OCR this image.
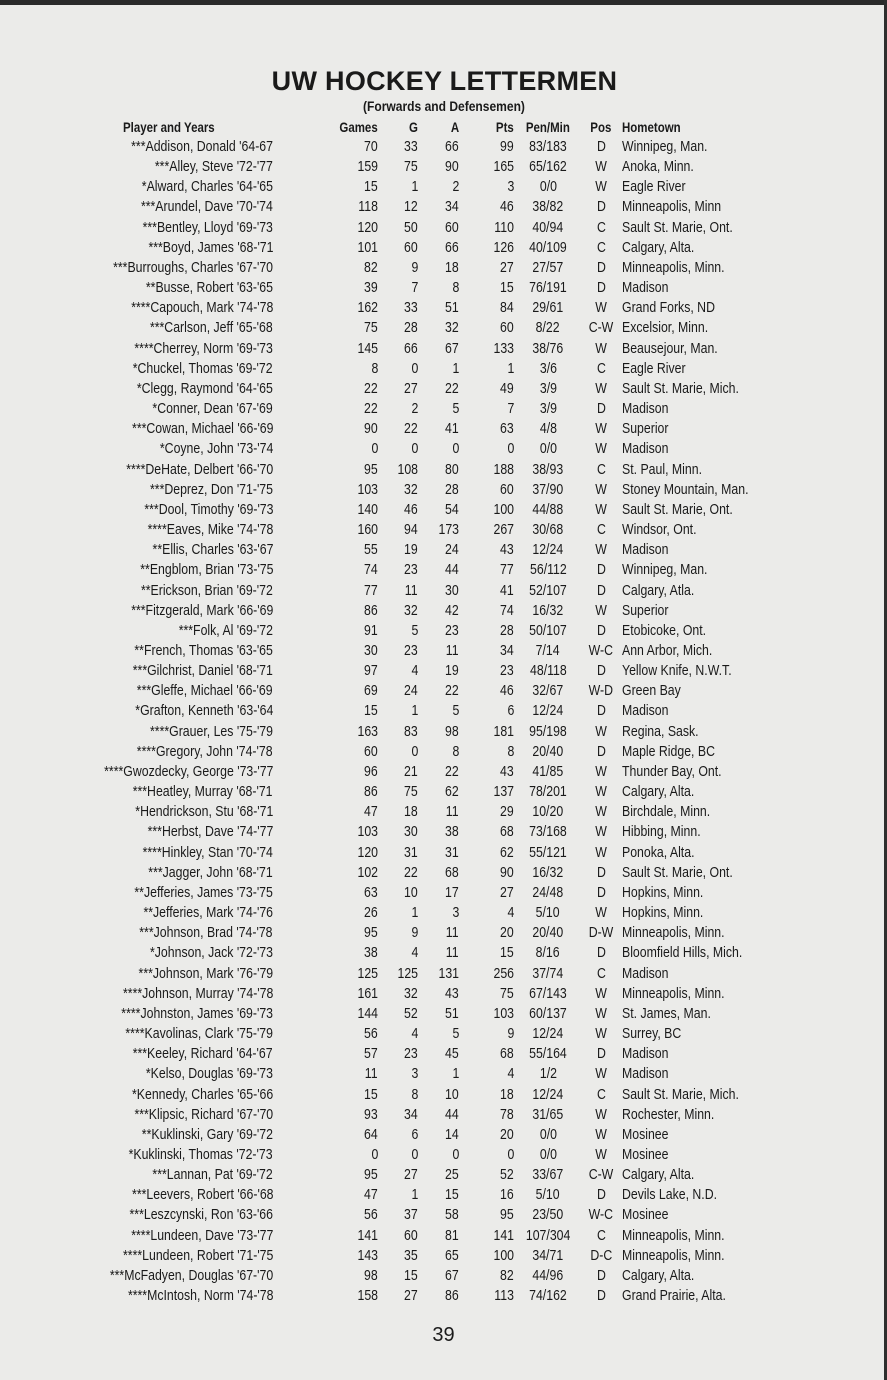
UW HOCKEY LETTERMEN
(Forwards and Defensemen)
Player and Years	Games G A	Pts Pen/Min	Pos Hometown
***Addison, Donald '64-67	70 33 66	99	83/183	D	Winnipeg, Man.
***Alley, Steve '72-'77	159 75 90	165	65/162	W	Anoka, Minn.
*Alward, Charles '64-'65	15 1 2	3	0/0	W	Eagle River
***Arundel, Dave '70-'74	118 12 34	46	38/82	D	Minneapolis, Minn
***Bentley, Lloyd '69-'73	120 50 60 110	40/94	C	Sault St. Marie, Ont.
***Boyd, James '68-'71	101 60 66	126	40/109	C	Calgary, Alta.
***Burroughs, Charles '67-'70	82 9 18	27	27/57	D	Minneapolis, Minn.
**Busse, Robert '63-'65	39 7 8	15	76/191	D	Madison
****Capouch, Mark '74-'78	162 33 51	84	29/61	W	Grand Forks, ND
***Carlson, Jeff '65-'68	75 28 32	60	8/22	C-W Excelsior, Minn.
****Cherrey, Norm '69-'73	145 66 67	133	38/76	W	Beausejour, Man.
*Chuckel, Thomas '69-'72	8 0 1	1	3/6	C	Eagle River
*Clegg, Raymond '64-'65	22 27 22	49	3/9	W	Sault St. Marie, Mich.
*Conner, Dean '67-'69	22 2 5	7	3/9	D	Madison
***Cowan, Michael '66-'69	90 22 41	63	4/8	W	Superior
*Coyne, John '73-'74	0 0 0	0	0/0	W	Madison
****DeHate, Delbert '66-'70	95	108 80	188	38/93	C	St. Paul, Minn.
***Deprez, Don '71-'75	103 32 28	60	37/90	W	Stoney Mountain, Man.
***Dool, Timothy '69-'73	140 46 54	100	44/88	W	Sault St. Marie, Ont.
****Eaves, Mike '74-'78	160 94	173	267	30/68	C	Windsor, Ont.
**Ellis, Charles '63-'67	55 19 24	43	12/24	W	Madison
**Engblom, Brian '73-'75	74 23 44	77	56/112	D	Winnipeg, Man.
**Erickson, Brian '69-'72	77 11 30	41	52/107	D	Calgary, Atla.
***Fitzgerald, Mark '66-'69	86 32 42	74	16/32	W	Superior
***Folk, Al '69-'72	91 5 23	28	50/107	D	Etobicoke, Ont.
**French, Thomas '63-'65	30 23 11	34	7/14	W-C Ann Arbor, Mich.
***Gilchrist, Daniel '68-'71	97 4 19	23	48/118	D	Yellow Knife, N.W.T.
***Gleffe, Michael '66-'69	69 24 22	46	32/67	W-D Green Bay
*Grafton, Kenneth '63-'64	15 1 5	6	12/24	D	Madison
****Grauer, Les '75-'79	163 83 98	181	95/198	W	Regina, Sask.
****Gregory, John '74-'78	60 0 8	8	20/40	D	Maple Ridge, BC
****Gwozdecky, George '73-'77	96 21 22	43	41/85	W	Thunder Bay, Ont.
***Heatley, Murray '68-'71	86 75 62	137	78/201	W	Calgary, Alta.
*Hendrickson, Stu '68-'71	47 18 11	29	10/20	W	Birchdale, Minn.
***Herbst, Dave '74-'77	103 30 38	68	73/168	W	Hibbing, Minn.
****Hinkley, Stan '70-'74	120 31 31	62	55/121	W	Ponoka, Alta.
***Jagger, John '68-'71	102 22 68	90	16/32	D	Sault St. Marie, Ont.
**Jefferies, James '73-'75	63 10 17	27	24/48	D	Hopkins, Minn.
**Jefferies, Mark '74-'76	26 1 3	4	5/10	W	Hopkins, Minn.
***Johnson, Brad '74-'78	95 9 11	20	20/40	D-W Minneapolis, Minn.
*Johnson, Jack '72-'73	38 4 11	15	8/16	D	Bloomfield Hills, Mich.
***Johnson, Mark '76-'79	125	125	131	256	37/74	C	Madison
****Johnson, Murray '74-'78	161 32 43	75	67/143	W	Minneapolis, Minn.
****Johnston, James '69-'73	144 52 51	103	60/137	W	St. James, Man.
****Kavolinas, Clark '75-'79	56 4 5	9	12/24	W	Surrey, BC
***Keeley, Richard '64-'67	57 23 45	68	55/164	D	Madison
*Kelso, Douglas '69-'73	11 3 1	4	1/2	W	Madison
*Kennedy, Charles '65-'66	15 8 10	18	12/24	C	Sault St. Marie, Mich.
***Klipsic, Richard '67-'70	93 34 44	78	31/65	W	Rochester, Minn.
**Kuklinski, Gary '69-'72	64 6 14	20	0/0	W	Mosinee
*Kuklinski, Thomas '72-'73	0 0 0	0	0/0	W	Mosinee
***Lannan, Pat '69-'72	95 27 25	52	33/67	C-W Calgary, Alta.
***Leevers, Robert '66-'68	47 1 15	16	5/10	D	Devils Lake, N.D.
***Leszcynski, Ron '63-'66	56 37 58	95	23/50	W-C Mosinee
****Lundeen, Dave '73-'77	141 60 81	141 107/304	C	Minneapolis, Minn.
****Lundeen, Robert '71-'75	143 35 65	100	34/71	D-C Minneapolis, Minn.
***McFadyen, Douglas '67-'70	98 15 67	82	44/96	D	Calgary, Alta.
****McIntosh, Norm '74-'78	158 27 86 113	74/162	D	Grand Prairie, Alta.
39
